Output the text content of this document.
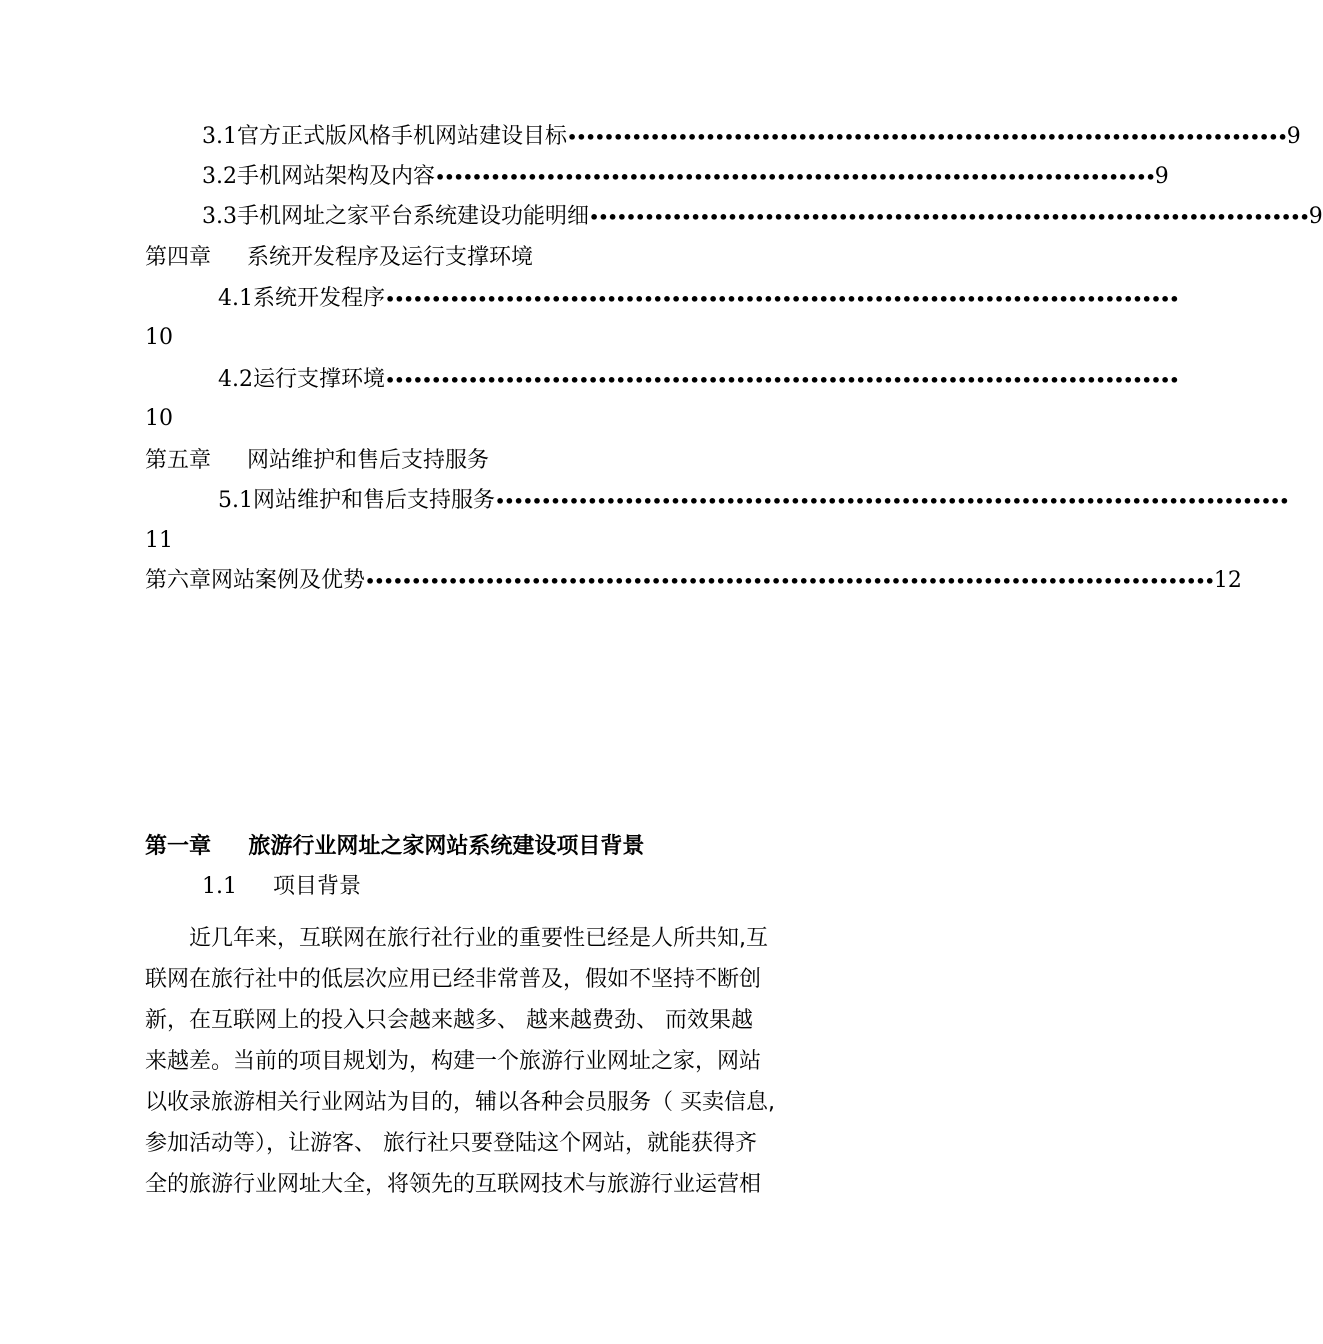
3.1 官方正式版风格手机网站建设目标 •••••••••••••••••••••••••••••••••••••••••••••••••••••••••••••••••••••••••••••• 9
3.2 手机网站架构及内容 •••••••••••••••••••••••••••••••••••••••••••••••••••••••••••••••••••••••••••••• 9
3.3 手机网址之家平台系统建设功能明细 •••••••••••••••••••••••••••••••••••••••••••••••••••••••••••••••••••••••••••••• 9
第四章 系统开发程序及运行支撑环境
4.1 系统开发程序 ••••••••••••••••••••••••••••••••••••••••••••••••••••••••••••••••••••••••••••••••••••••
10
4.2 运行支撑环境 ••••••••••••••••••••••••••••••••••••••••••••••••••••••••••••••••••••••••••••••••••••••
10
第五章 网站维护和售后支持服务
5.1 网站维护和售后支持服务 ••••••••••••••••••••••••••••••••••••••••••••••••••••••••••••••••••••••••••••••••••••••
11
第六章网站案例及优势 •••••••••••••••••••••••••••••••••••••••••••••••••••••••••••••••••••••••••••••••••••••••••••• 12
第一章 旅游行业网址之家网站系统建设项目背景
1.1 项目背景
近几年来，互联网在旅行社行业的重要性已经是人所共知,互
联网在旅行社中的低层次应用已经非常普及，假如不坚持不断创
新，在互联网上的投入只会越来越多、 越来越费劲、 而效果越
来越差。当前的项目规划为，构建一个旅游行业网址之家，网站
以收录旅游相关行业网站为目的，辅以各种会员服务（ 买卖信息,
参加活动等），让游客、 旅行社只要登陆这个网站，就能获得齐
全的旅游行业网址大全，将领先的互联网技术与旅游行业运营相
